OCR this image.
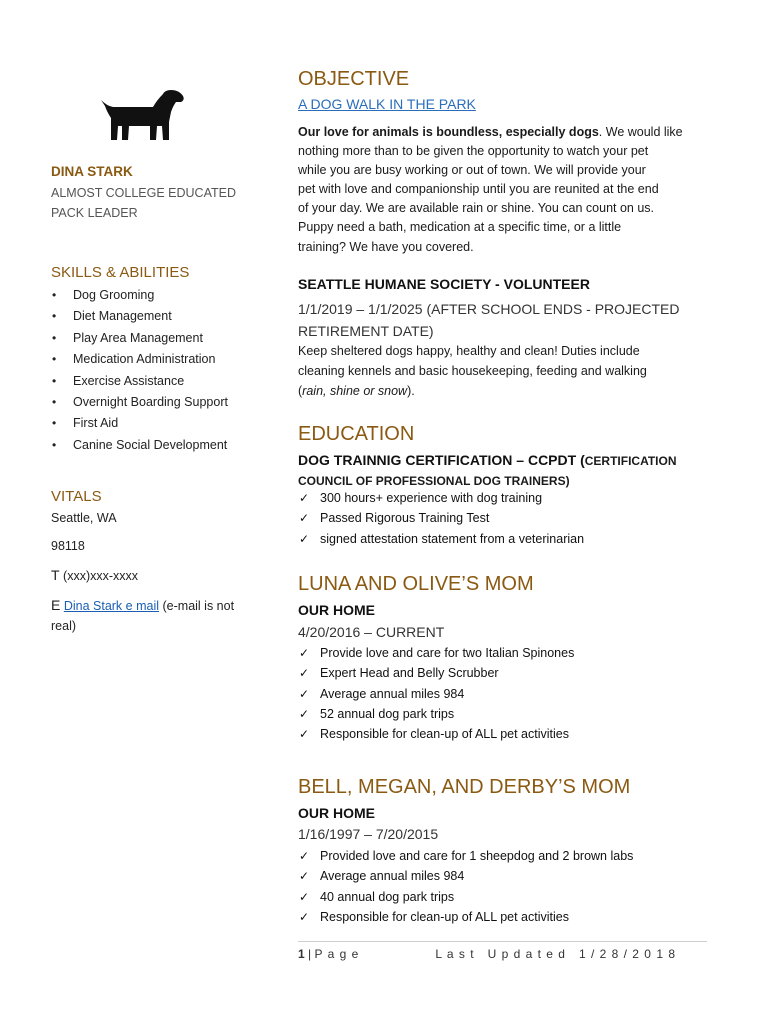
DINA STARK
ALMOST COLLEGE EDUCATED
PACK LEADER
SKILLS & ABILITIES
• Dog Grooming
• Diet Management
• Play Area Management
• Medication Administration
• Exercise Assistance
• Overnight Boarding Support
• First Aid
• Canine Social Development
VITALS
Seattle, WA
98118
T (xxx)xxx-xxxx
E Dina Stark e mail (e-mail is not
real)
OBJECTIVE
A DOG WALK IN THE PARK
Our love for animals is boundless, especially dogs. We would like
nothing more than to be given the opportunity to watch your pet
while you are busy working or out of town. We will provide your
pet with love and companionship until you are reunited at the end
of your day. We are available rain or shine. You can count on us.
Puppy need a bath, medication at a specific time, or a little
training? We have you covered.
SEATTLE HUMANE SOCIETY - VOLUNTEER
1/1/2019 – 1/1/2025 (AFTER SCHOOL ENDS - PROJECTED
RETIREMENT DATE)
Keep sheltered dogs happy, healthy and clean! Duties include
cleaning kennels and basic housekeeping, feeding and walking
(rain, shine or snow).
EDUCATION
DOG TRAINNIG CERTIFICATION – CCPDT (CERTIFICATION
COUNCIL OF PROFESSIONAL DOG TRAINERS)
✓ 300 hours+ experience with dog training
✓ Passed Rigorous Training Test
✓ signed attestation statement from a veterinarian
LUNA AND OLIVE’S MOM
OUR HOME
4/20/2016 – CURRENT
✓ Provide love and care for two Italian Spinones
✓ Expert Head and Belly Scrubber
✓ Average annual miles 984
✓ 52 annual dog park trips
✓ Responsible for clean-up of ALL pet activities
BELL, MEGAN, AND DERBY’S MOM
OUR HOME
1/16/1997 – 7/20/2015
✓ Provided love and care for 1 sheepdog and 2 brown labs
✓ Average annual miles 984
✓ 40 annual dog park trips
✓ Responsible for clean-up of ALL pet activities
1 | P a g e	L a s t   U p d a t e d   1 / 2 8 / 2 0 1 8
